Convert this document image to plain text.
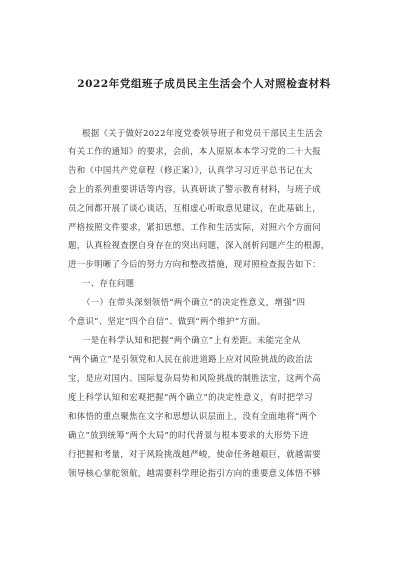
2022年党组班子成员民主生活会个人对照检查材料
根据《关于做好2022年度党委领导班子和党员干部民主生活会
有关工作的通知》的要求，会前，本人原原本本学习党的二十大报
告和《中国共产党章程（修正案）》，认真学习习近平总书记在大
会上的系列重要讲话等内容，认真研读了警示教育材料，与班子成
员之间都开展了谈心谈话，互相虚心听取意见建议，在此基础上，
严格按照文件要求，紧扣思想、工作和生活实际，对照六个方面问
题，认真检视查摆自身存在的突出问题，深入剖析问题产生的根源，
进一步明晰了今后的努力方向和整改措施，现对照检查报告如下：
一、存在问题
（一）在带头深刻领悟“两个确立”的决定性意义，增强“四
个意识”、坚定“四个自信”、做到“两个维护”方面。
一是在科学认知和把握“两个确立”上有差距。未能完全从
“两个确立”是引领党和人民在前进道路上应对风险挑战的政治法
宝，是应对国内、国际复杂局势和风险挑战的制胜法宝，这两个高
度上科学认知和宏观把握“两个确立”的决定性意义，有时把学习
和体悟的重点聚焦在文字和思想认识层面上，没有全面地将“两个
确立”放到统筹“两个大局”的时代背景与根本要求的大形势下进
行把握和考量，对于风险挑战越严峻，使命任务越艰巨，就越需要
领导核心掌舵领航，越需要科学理论指引方向的重要意义体悟不够
